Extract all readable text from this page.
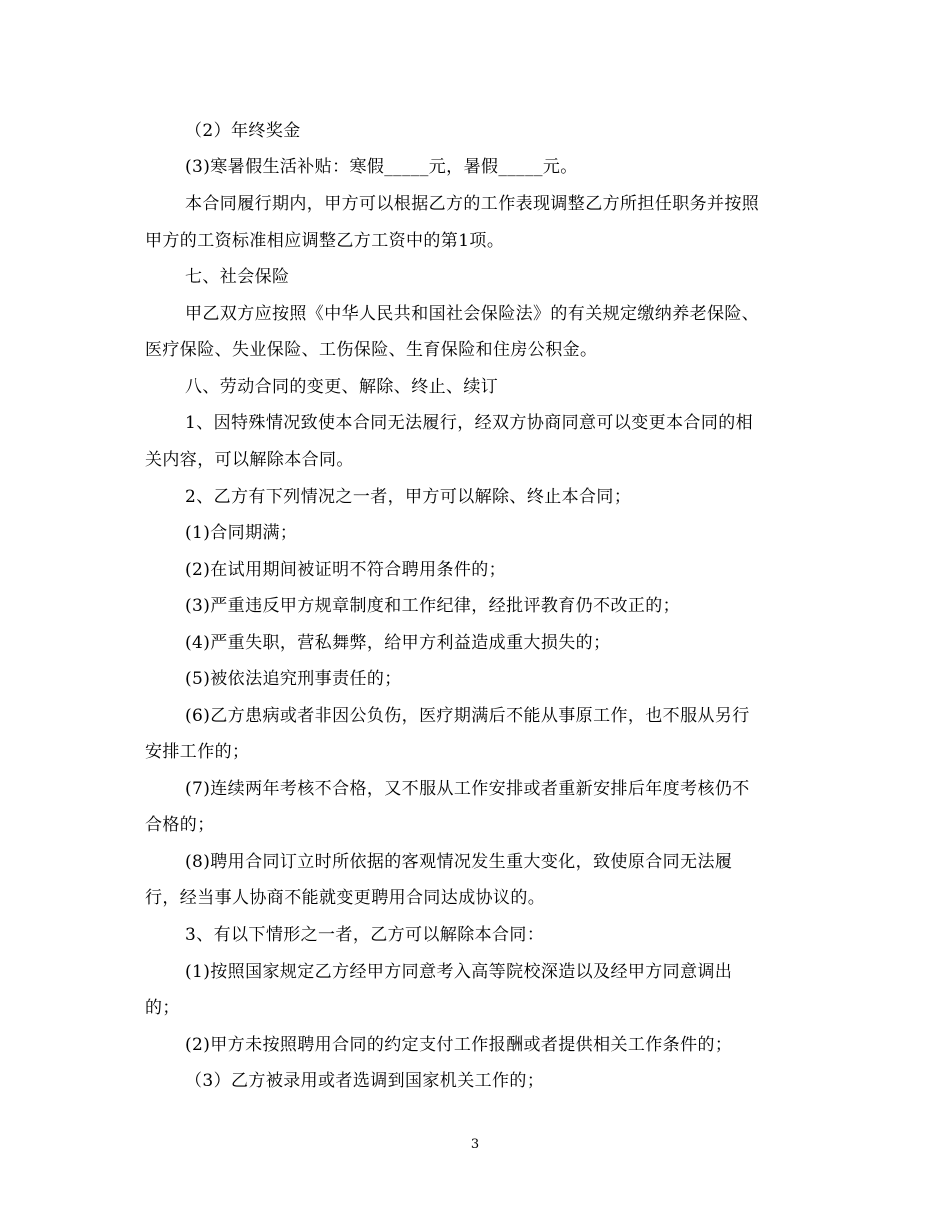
（2）年终奖金
(3)寒暑假生活补贴：寒假_____元，暑假_____元。
本合同履行期内，甲方可以根据乙方的工作表现调整乙方所担任职务并按照
甲方的工资标准相应调整乙方工资中的第1项。
七、社会保险
甲乙双方应按照《中华人民共和国社会保险法》的有关规定缴纳养老保险、
医疗保险、失业保险、工伤保险、生育保险和住房公积金。
八、劳动合同的变更、解除、终止、续订
1、因特殊情况致使本合同无法履行，经双方协商同意可以变更本合同的相
关内容，可以解除本合同。
2、乙方有下列情况之一者，甲方可以解除、终止本合同；
(1)合同期满；
(2)在试用期间被证明不符合聘用条件的；
(3)严重违反甲方规章制度和工作纪律，经批评教育仍不改正的；
(4)严重失职，营私舞弊，给甲方利益造成重大损失的；
(5)被依法追究刑事责任的；
(6)乙方患病或者非因公负伤，医疗期满后不能从事原工作，也不服从另行
安排工作的；
(7)连续两年考核不合格，又不服从工作安排或者重新安排后年度考核仍不
合格的；
(8)聘用合同订立时所依据的客观情况发生重大变化，致使原合同无法履
行，经当事人协商不能就变更聘用合同达成协议的。
3、有以下情形之一者，乙方可以解除本合同：
(1)按照国家规定乙方经甲方同意考入高等院校深造以及经甲方同意调出
的；
(2)甲方未按照聘用合同的约定支付工作报酬或者提供相关工作条件的；
（3）乙方被录用或者选调到国家机关工作的；
3
